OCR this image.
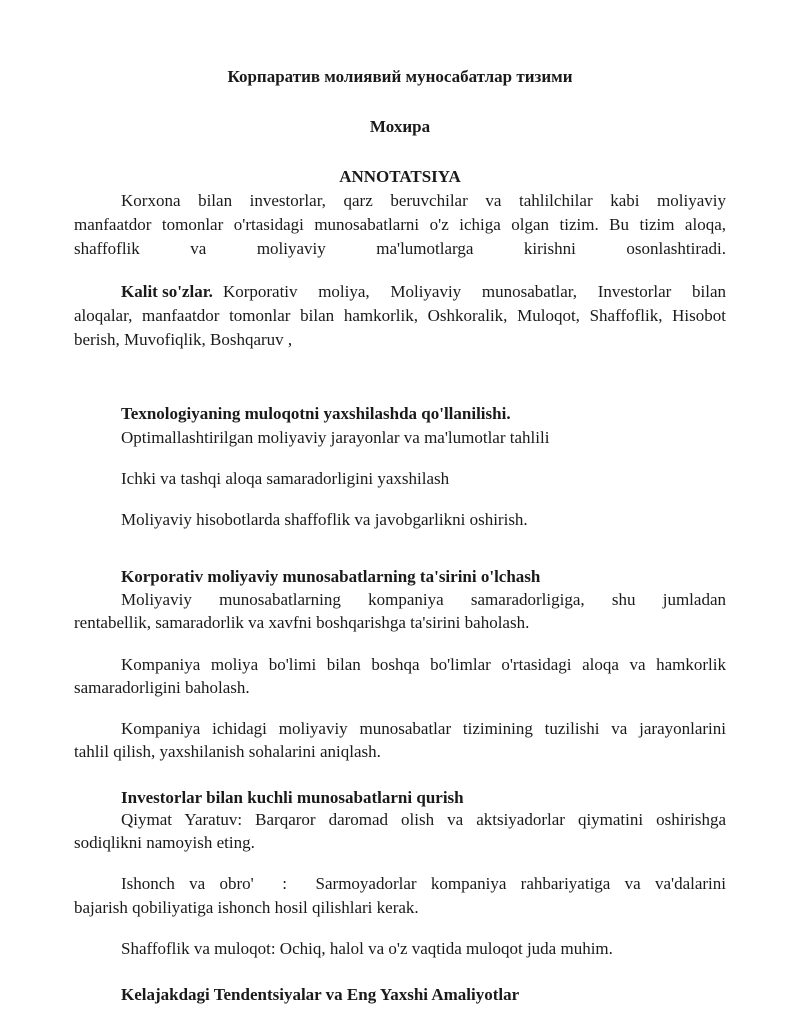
Корпаратив молиявий муносабатлар тизими
Мохира
ANNOTATSIYA
Korxona bilan investorlar, qarz beruvchilar va tahlilchilar kabi moliyaviy
manfaatdor tomonlar o'rtasidagi munosabatlarni o'z ichiga olgan tizim. Bu tizim aloqa,
shaffoflik va moliyaviy ma'lumotlarga kirishni osonlashtiradi.
Kalit so'zlar. Korporativ moliya, Moliyaviy munosabatlar, Investorlar bilan
aloqalar, manfaatdor tomonlar bilan hamkorlik, Oshkoralik, Muloqot, Shaffoflik, Hisobot
berish, Muvofiqlik, Boshqaruv ,
Texnologiyaning muloqotni yaxshilashda qo'llanilishi.
Optimallashtirilgan moliyaviy jarayonlar va ma'lumotlar tahlili
Ichki va tashqi aloqa samaradorligini yaxshilash
Moliyaviy hisobotlarda shaffoflik va javobgarlikni oshirish.
Korporativ moliyaviy munosabatlarning ta'sirini o'lchash
Moliyaviy munosabatlarning kompaniya samaradorligiga, shu jumladan
rentabellik, samaradorlik va xavfni boshqarishga ta'sirini baholash.
Kompaniya moliya bo'limi bilan boshqa bo'limlar o'rtasidagi aloqa va hamkorlik
samaradorligini baholash.
Kompaniya ichidagi moliyaviy munosabatlar tizimining tuzilishi va jarayonlarini
tahlil qilish, yaxshilanish sohalarini aniqlash.
Investorlar bilan kuchli munosabatlarni qurish
Qiymat Yaratuv: Barqaror daromad olish va aktsiyadorlar qiymatini oshirishga
sodiqlikni namoyish eting.
Ishonch va obro'  :  Sarmoyadorlar kompaniya rahbariyatiga va va'dalarini
bajarish qobiliyatiga ishonch hosil qilishlari kerak.
Shaffoflik va muloqot: Ochiq, halol va o'z vaqtida muloqot juda muhim.
Kelajakdagi Tendentsiyalar va Eng Yaxshi Amaliyotlar
